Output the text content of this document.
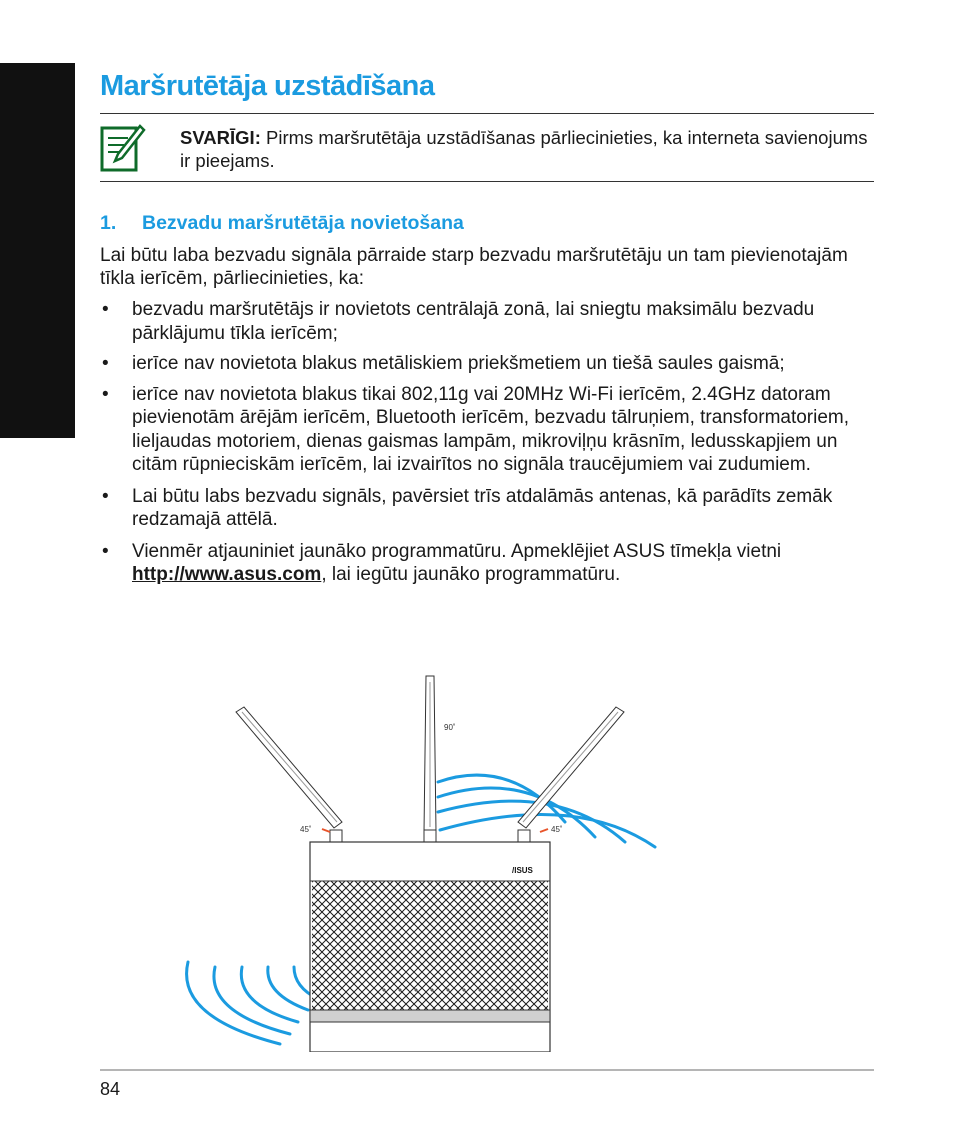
Maršrutētāja uzstādīšana
SVARĪGI: Pirms maršrutētāja uzstādīšanas pārliecinieties, ka interneta savienojums ir pieejams.
1. Bezvadu maršrutētāja novietošana

Lai būtu laba bezvadu signāla pārraide starp bezvadu maršrutētāju un tam pievienotajām tīkla ierīcēm, pārliecinieties, ka:

• bezvadu maršrutētājs ir novietots centrālajā zonā, lai sniegtu maksimālu bezvadu pārklājumu tīkla ierīcēm;
• ierīce nav novietota blakus metāliskiem priekšmetiem un tiešā saules gaismā;
• ierīce nav novietota blakus tikai 802,11g vai 20MHz Wi-Fi ierīcēm, 2.4GHz datoram pievienotām ārējām ierīcēm, Bluetooth ierīcēm, bezvadu tālruņiem, transformatoriem, lieljaudas motoriem, dienas gaismas lampām, mikroviļņu krāsnīm, ledusskapjiem un citām rūpnieciskām ierīcēm, lai izvairītos no signāla traucējumiem vai zudumiem.
• Lai būtu labs bezvadu signāls, pavērsiet trīs atdalāmās antenas, kā parādīts zemāk redzamajā attēlā.
• Vienmēr atjauniniet jaunāko programmatūru. Apmeklējiet ASUS tīmekļa vietni http://www.asus.com, lai iegūtu jaunāko programmatūru.
90˚
45˚	45˚
/ISUS
84
